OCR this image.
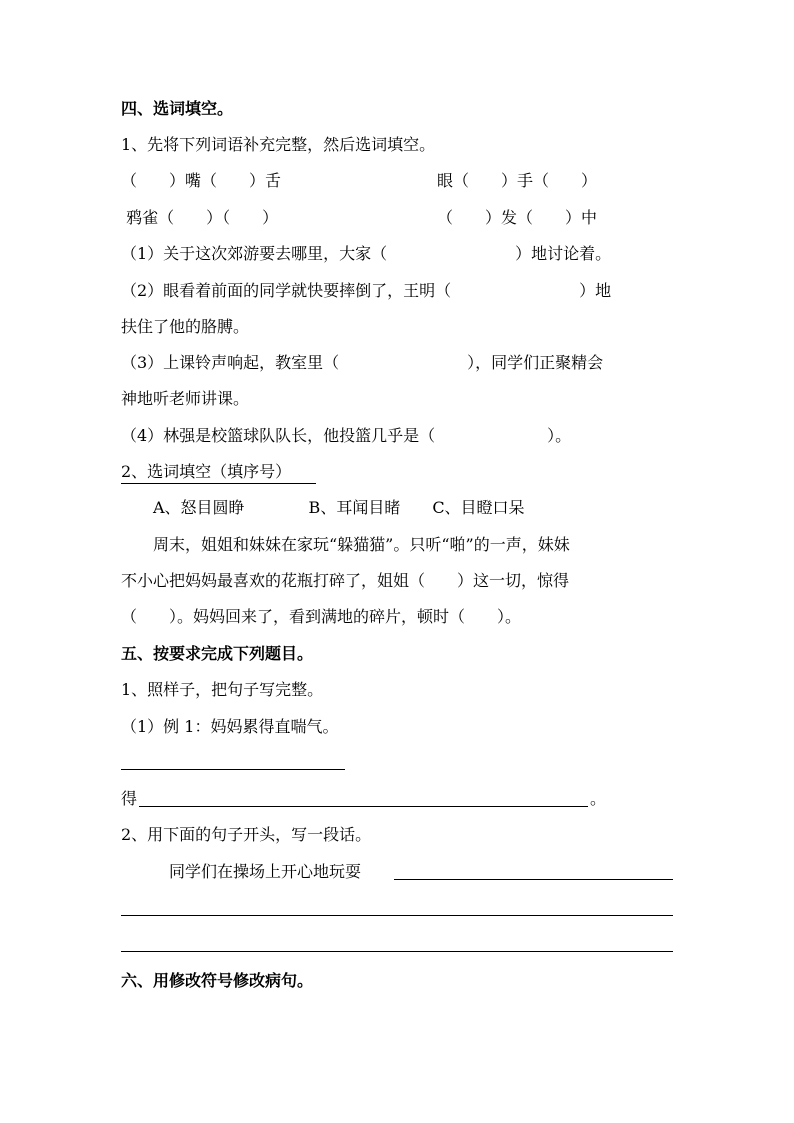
四、选词填空。
1、先将下列词语补充完整，然后选词填空。
（　　）嘴（　　）舌	眼（　　）手（　　）
鸦雀（　　）（　　）	（　　）发（　　）中
（1）关于这次郊游要去哪里，大家（　　　　　　　　）地讨论着。
（2）眼看着前面的同学就快要摔倒了，王明（　　　　　　　　）地
扶住了他的胳膊。
（3）上课铃声响起，教室里（　　　　　　　　），同学们正聚精会
神地听老师讲课。
（4）林强是校篮球队队长，他投篮几乎是（　　　　　　　）。
2、选词填空（填序号）
　　A、怒目圆睁　　　　B、耳闻目睹　　C、目瞪口呆
　　周末，姐姐和妹妹在家玩“躲猫猫”。只听“啪”的一声，妹妹
不小心把妈妈最喜欢的花瓶打碎了，姐姐（　　）这一切，惊得
（　　）。妈妈回来了，看到满地的碎片，顿时（　　）。
五、按要求完成下列题目。
1、照样子，把句子写完整。
（1）例 1：妈妈累得直喘气。
得	。
2、用下面的句子开头，写一段话。
同学们在操场上开心地玩耍
六、用修改符号修改病句。
